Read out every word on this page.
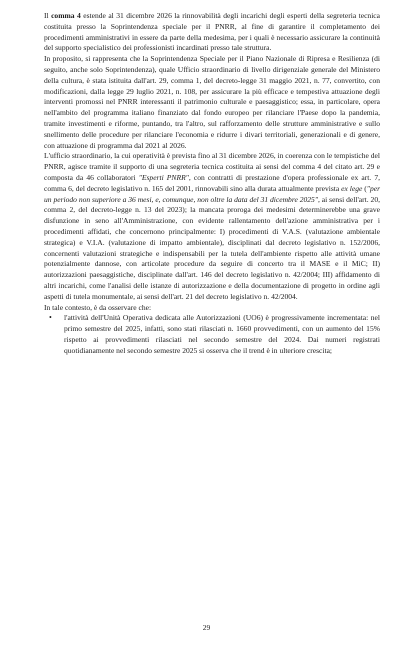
Il comma 4 estende al 31 dicembre 2026 la rinnovabilità degli incarichi degli esperti della segreteria tecnica costituita presso la Soprintendenza speciale per il PNRR, al fine di garantire il completamento dei procedimenti amministrativi in essere da parte della medesima, per i quali è necessario assicurare la continuità del supporto specialistico dei professionisti incardinati presso tale struttura.

In proposito, si rappresenta che la Soprintendenza Speciale per il Piano Nazionale di Ripresa e Resilienza (di seguito, anche solo Soprintendenza), quale Ufficio straordinario di livello dirigenziale generale del Ministero della cultura, è stata istituita dall'art. 29, comma 1, del decreto-legge 31 maggio 2021, n. 77, convertito, con modificazioni, dalla legge 29 luglio 2021, n. 108, per assicurare la più efficace e tempestiva attuazione degli interventi promossi nel PNRR interessanti il patrimonio culturale e paesaggistico; essa, in particolare, opera nell'ambito del programma italiano finanziato dal fondo europeo per rilanciare l'Paese dopo la pandemia, tramite investimenti e riforme, puntando, tra l'altro, sul rafforzamento delle strutture amministrative e sullo snellimento delle procedure per rilanciare l'economia e ridurre i divari territoriali, generazionali e di genere, con attuazione di programma dal 2021 al 2026.

L'ufficio straordinario, la cui operatività è prevista fino al 31 dicembre 2026, in coerenza con le tempistiche del PNRR, agisce tramite il supporto di una segreteria tecnica costituita ai sensi del comma 4 del citato art. 29 e composta da 46 collaboratori "Esperti PNRR", con contratti di prestazione d'opera professionale ex art. 7, comma 6, del decreto legislativo n. 165 del 2001, rinnovabili sino alla durata attualmente prevista ex lege ("per un periodo non superiore a 36 mesi, e, comunque, non oltre la data del 31 dicembre 2025", ai sensi dell'art. 20, comma 2, del decreto-legge n. 13 del 2023); la mancata proroga dei medesimi determinerebbe una grave disfunzione in seno all'Amministrazione, con evidente rallentamento dell'azione amministrativa per i procedimenti affidati, che concernono principalmente: I) procedimenti di V.A.S. (valutazione ambientale strategica) e V.I.A. (valutazione di impatto ambientale), disciplinati dal decreto legislativo n. 152/2006, concernenti valutazioni strategiche e indispensabili per la tutela dell'ambiente rispetto alle attività umane potenzialmente dannose, con articolate procedure da seguire di concerto tra il MASE e il MiC; II) autorizzazioni paesaggistiche, disciplinate dall'art. 146 del decreto legislativo n. 42/2004; III) affidamento di altri incarichi, come l'analisi delle istanze di autorizzazione e della documentazione di progetto in ordine agli aspetti di tutela monumentale, ai sensi dell'art. 21 del decreto legislativo n. 42/2004.

In tale contesto, è da osservare che:

• l'attività dell'Unità Operativa dedicata alle Autorizzazioni (UO6) è progressivamente incrementata: nel primo semestre del 2025, infatti, sono stati rilasciati n. 1660 provvedimenti, con un aumento del 15% rispetto ai provvedimenti rilasciati nel secondo semestre del 2024. Dai numeri registrati quotidianamente nel secondo semestre 2025 si osserva che il trend è in ulteriore crescita;
29
